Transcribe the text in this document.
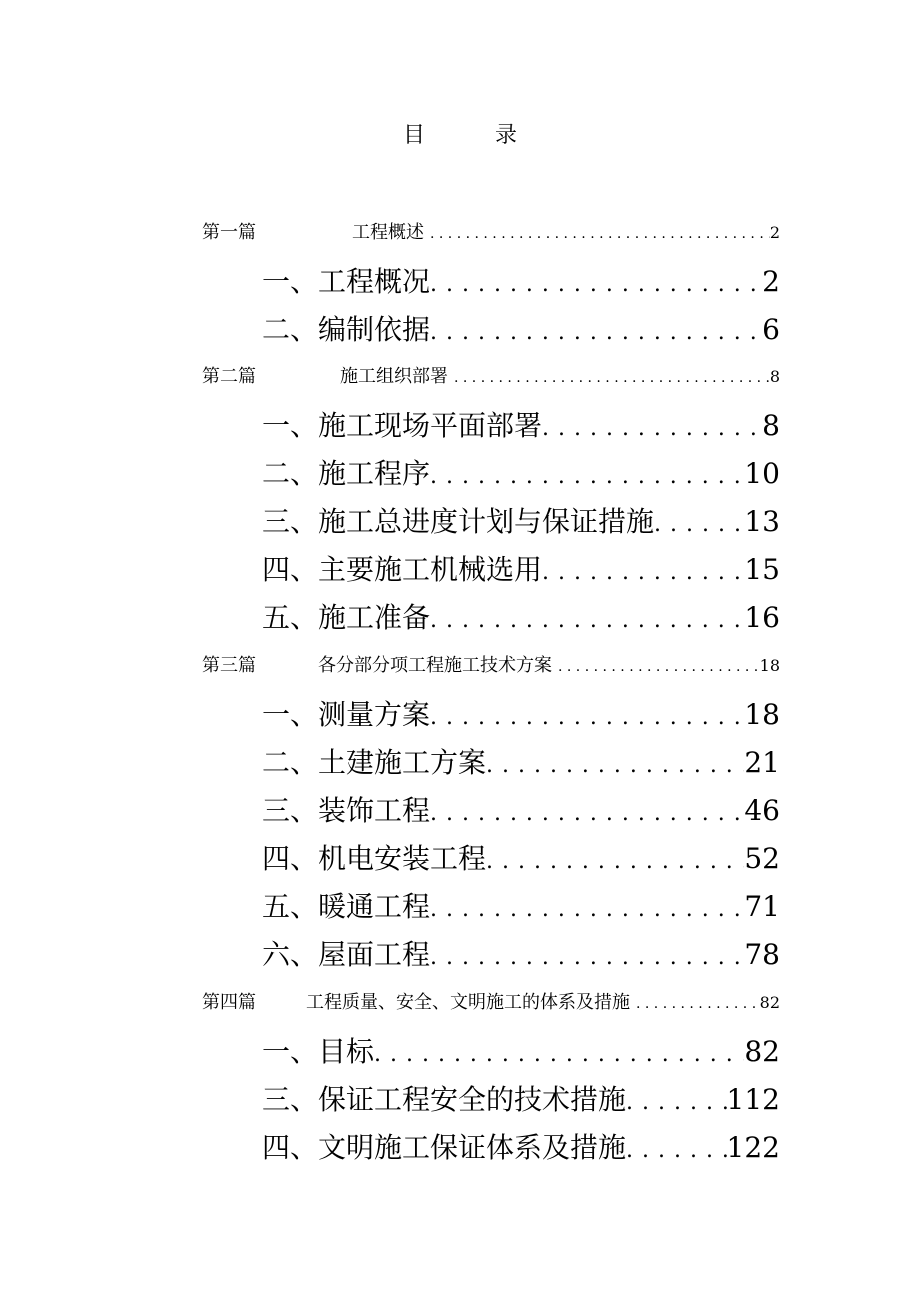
目	录
第一篇	工程概述 . . .	2
一、工程概况 . . .	2
二、编制依据 . . .	6
第二篇	施工组织部署 . . .	8
一、施工现场平面部署 . . .	8
二、施工程序 . . .	10
三、施工总进度计划与保证措施 . . .	13
四、主要施工机械选用 . . .	15
五、施工准备 . . .	16
第三篇	各分部分项工程施工技术方案 . . .	18
一、测量方案 . . .	18
二、土建施工方案 . . .	21
三、装饰工程 . . .	46
四、机电安装工程 . . .	52
五、暖通工程 . . .	71
六、屋面工程 . . .	78
第四篇	工程质量、安全、文明施工的体系及措施 . . .	82
一、目标 . . .	82
三、保证工程安全的技术措施 . . .	112
四、文明施工保证体系及措施 . . .	122
